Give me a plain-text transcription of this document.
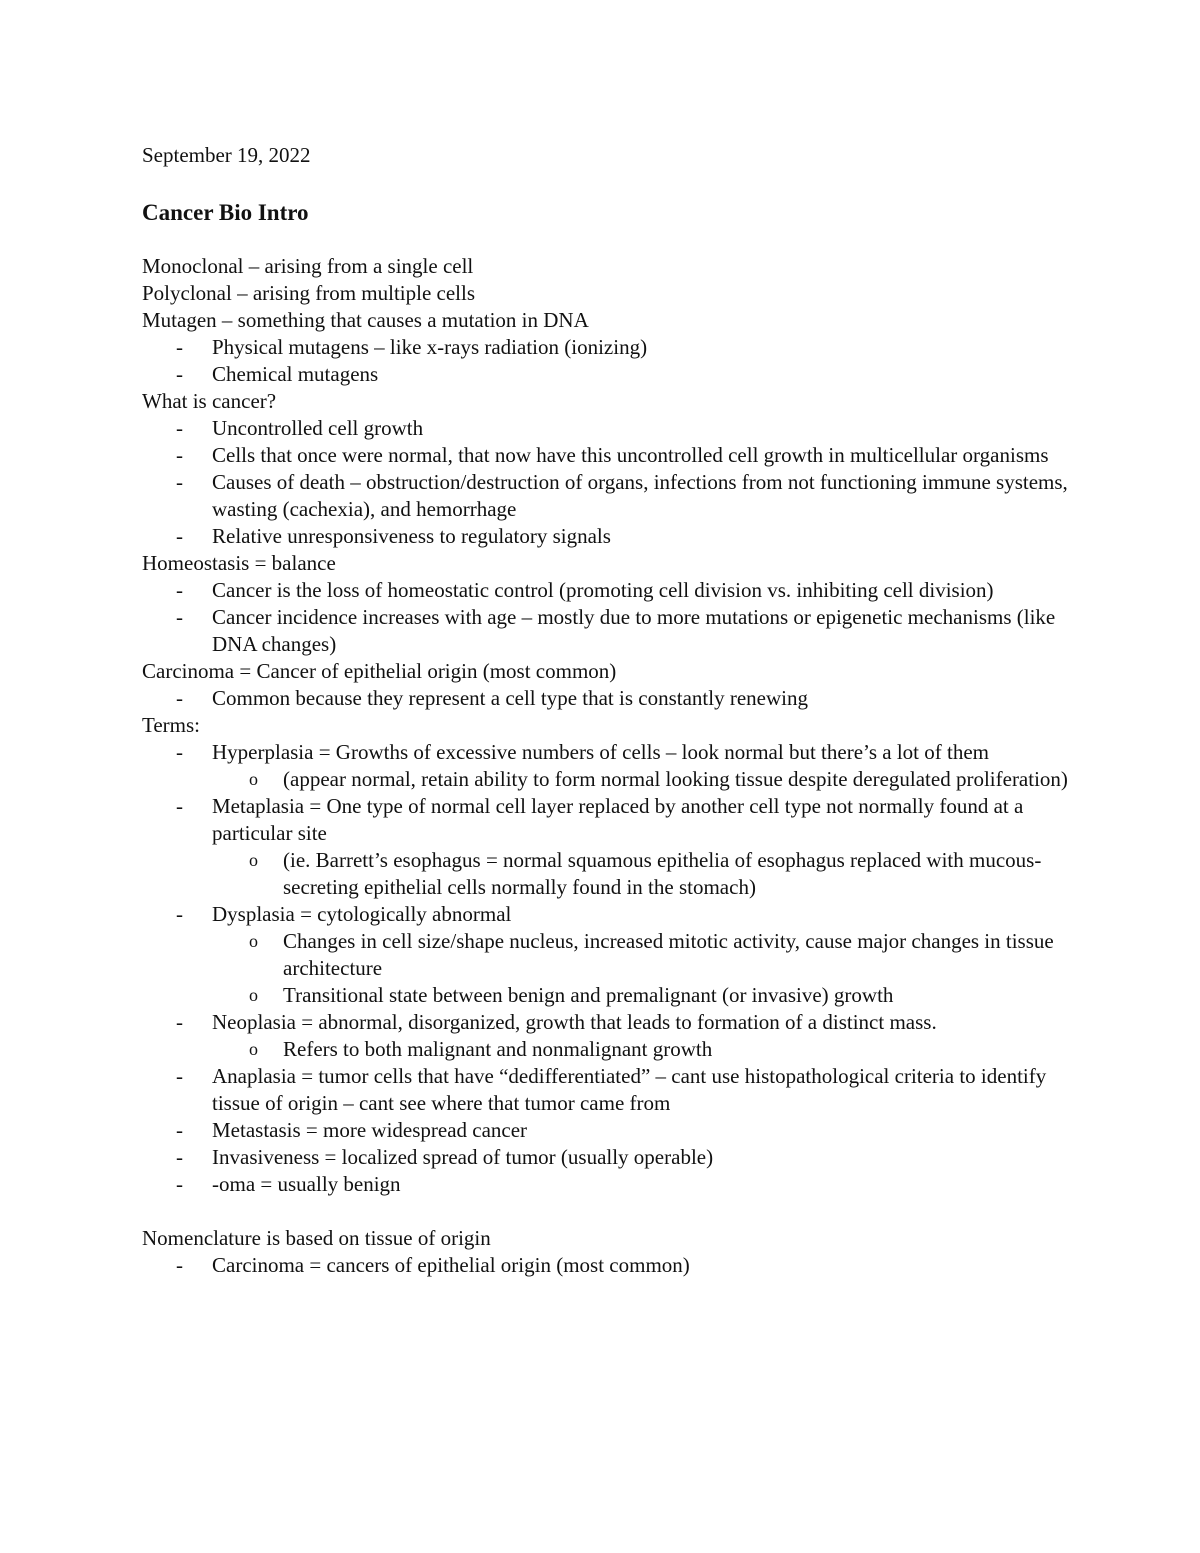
September 19, 2022

Cancer Bio Intro
Monoclonal – arising from a single cell
Polyclonal – arising from multiple cells
Mutagen – something that causes a mutation in DNA
- Physical mutagens – like x-rays radiation (ionizing)
- Chemical mutagens
What is cancer?
- Uncontrolled cell growth
- Cells that once were normal, that now have this uncontrolled cell growth in multicellular organisms
- Causes of death – obstruction/destruction of organs, infections from not functioning immune systems, wasting (cachexia), and hemorrhage
- Relative unresponsiveness to regulatory signals
Homeostasis = balance
- Cancer is the loss of homeostatic control (promoting cell division vs. inhibiting cell division)
- Cancer incidence increases with age – mostly due to more mutations or epigenetic mechanisms (like DNA changes)
Carcinoma = Cancer of epithelial origin (most common)
- Common because they represent a cell type that is constantly renewing
Terms:
- Hyperplasia = Growths of excessive numbers of cells – look normal but there’s a lot of them
o (appear normal, retain ability to form normal looking tissue despite deregulated proliferation)
- Metaplasia = One type of normal cell layer replaced by another cell type not normally found at a particular site
o (ie. Barrett’s esophagus = normal squamous epithelia of esophagus replaced with mucous-secreting epithelial cells normally found in the stomach)
- Dysplasia = cytologically abnormal
o Changes in cell size/shape nucleus, increased mitotic activity, cause major changes in tissue architecture
o Transitional state between benign and premalignant (or invasive) growth
- Neoplasia = abnormal, disorganized, growth that leads to formation of a distinct mass.
o Refers to both malignant and nonmalignant growth
- Anaplasia = tumor cells that have “dedifferentiated” – cant use histopathological criteria to identify tissue of origin – cant see where that tumor came from
- Metastasis = more widespread cancer
- Invasiveness = localized spread of tumor (usually operable)
- -oma = usually benign
Nomenclature is based on tissue of origin
- Carcinoma = cancers of epithelial origin (most common)
